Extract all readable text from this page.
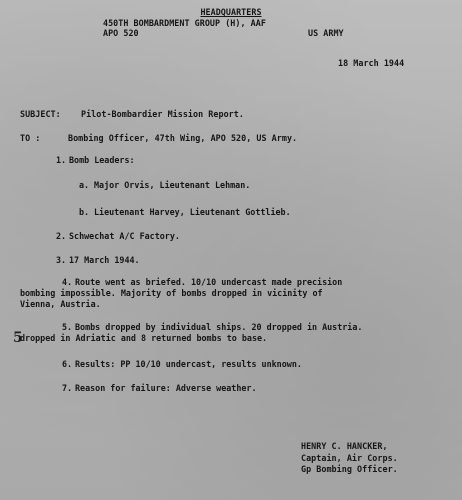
HEADQUARTERS
450TH BOMBARDMENT GROUP (H), AAF
APO 520	US ARMY
18 March 1944
SUBJECT: Pilot-Bombardier Mission Report.
TO :	Bombing Officer, 47th Wing, APO 520, US Army.
1. Bomb Leaders:
a. Major Orvis, Lieutenant Lehman.
b. Lieutenant Harvey, Lieutenant Gottlieb.
2. Schwechat A/C Factory.
3. 17 March 1944.
4. Route went as briefed. 10/10 undercast made precision
bombing impossible. Majority of bombs dropped in vicinity of
Vienna, Austria.
5. Bombs dropped by individual ships. 20 dropped in Austria.
5
dropped in Adriatic and 8 returned bombs to base.
6. Results: PP 10/10 undercast, results unknown.
7. Reason for failure: Adverse weather.
HENRY C. HANCKER,
Captain, Air Corps.
Gp Bombing Officer.
